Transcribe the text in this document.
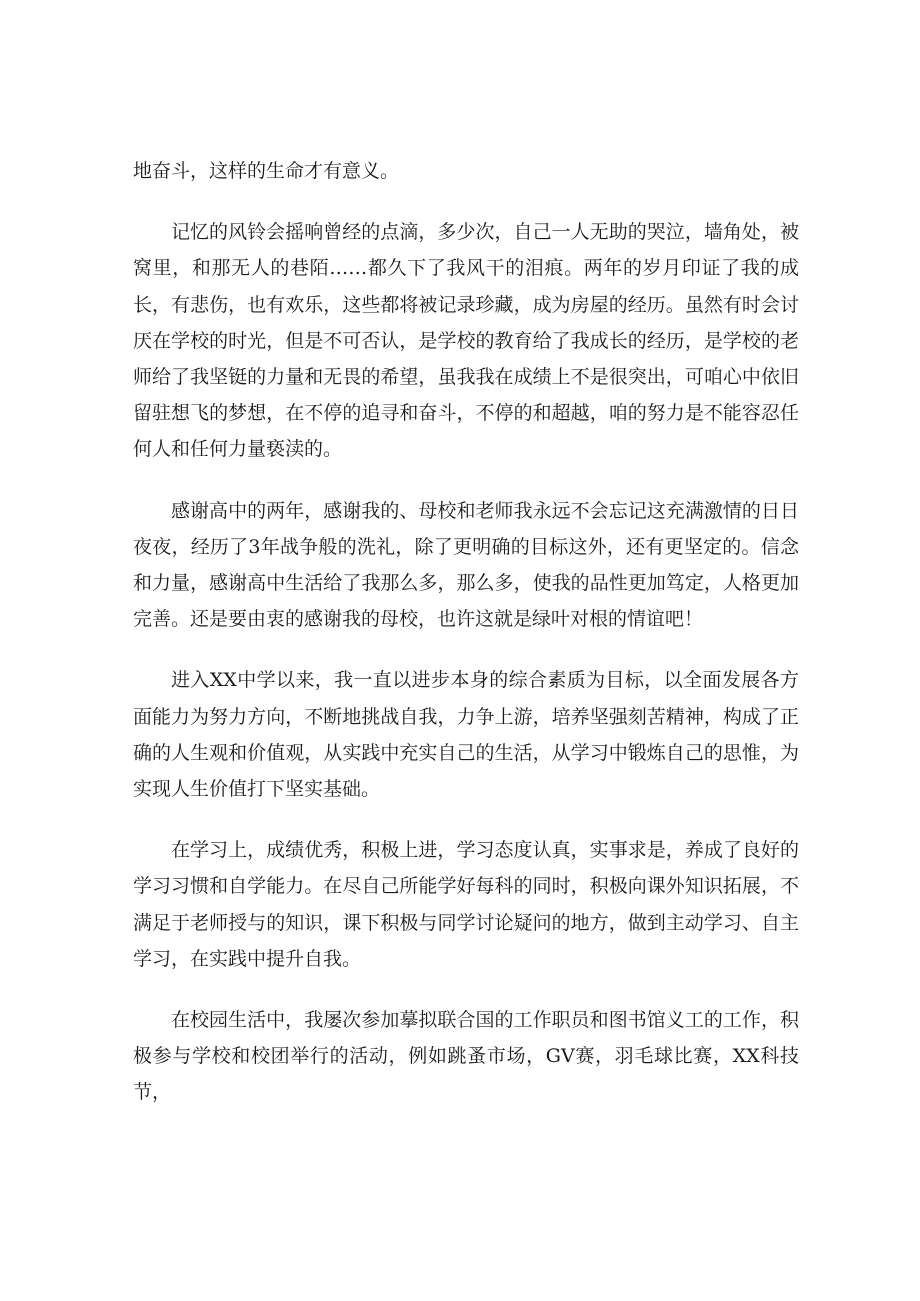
地奋斗，这样的生命才有意义。

记忆的风铃会摇响曾经的点滴，多少次，自己一人无助的哭泣，墙角处，被窝里，和那无人的巷陌……都久下了我风干的泪痕。两年的岁月印证了我的成长，有悲伤，也有欢乐，这些都将被记录珍藏，成为房屋的经历。虽然有时会讨厌在学校的时光，但是不可否认，是学校的教育给了我成长的经历，是学校的老师给了我坚铤的力量和无畏的希望，虽我我在成绩上不是很突出，可咱心中依旧留驻想飞的梦想，在不停的追寻和奋斗，不停的和超越，咱的努力是不能容忍任何人和任何力量亵渎的。

感谢高中的两年，感谢我的、母校和老师我永远不会忘记这充满激情的日日夜夜，经历了3年战争般的洗礼，除了更明确的目标这外，还有更坚定的。信念和力量，感谢高中生活给了我那么多，那么多，使我的品性更加笃定，人格更加完善。还是要由衷的感谢我的母校，也许这就是绿叶对根的情谊吧！

进入XX中学以来，我一直以进步本身的综合素质为目标，以全面发展各方面能力为努力方向，不断地挑战自我，力争上游，培养坚强刻苦精神，构成了正确的人生观和价值观，从实践中充实自己的生活，从学习中锻炼自己的思惟，为实现人生价值打下坚实基础。

在学习上，成绩优秀，积极上进，学习态度认真，实事求是，养成了良好的学习习惯和自学能力。在尽自己所能学好每科的同时，积极向课外知识拓展，不满足于老师授与的知识，课下积极与同学讨论疑问的地方，做到主动学习、自主学习，在实践中提升自我。

在校园生活中，我屡次参加摹拟联合国的工作职员和图书馆义工的工作，积极参与学校和校团举行的活动，例如跳蚤市场，GV赛，羽毛球比赛，XX科技节，
